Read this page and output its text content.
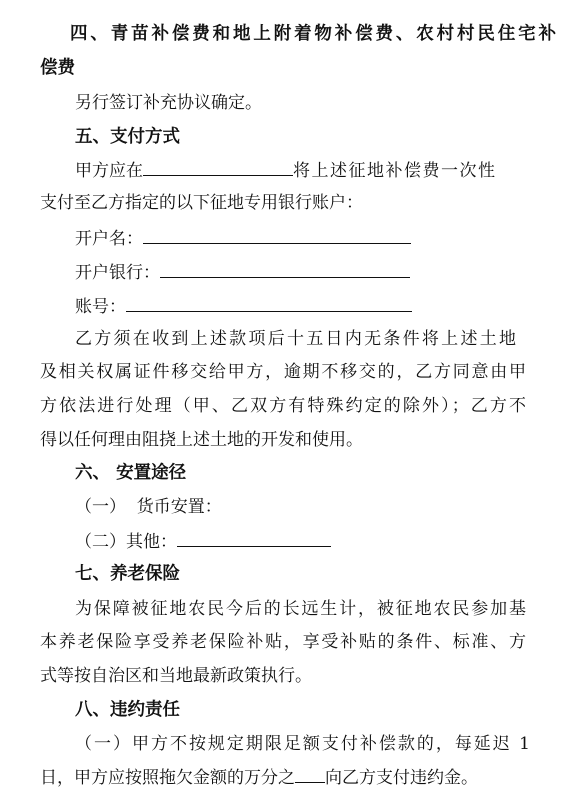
四、青苗补偿费和地上附着物补偿费、农村村民住宅补
偿费
另行签订补充协议确定。
五、支付方式
甲方应在	将上述征地补偿费一次性
支付至乙方指定的以下征地专用银行账户：
开户名：
开户银行：
账号：
乙方须在收到上述款项后十五日内无条件将上述土地
及相关权属证件移交给甲方，逾期不移交的，乙方同意由甲
方依法进行处理（甲、乙双方有特殊约定的除外）；乙方不
得以任何理由阻挠上述土地的开发和使用。
六、 安置途径
（一）  货币安置：
（二）其他：
七、养老保险
为保障被征地农民今后的长远生计，被征地农民参加基
本养老保险享受养老保险补贴，享受补贴的条件、标准、方
式等按自治区和当地最新政策执行。
八、违约责任
（一）甲方不按规定期限足额支付补偿款的，每延迟 1
日，甲方应按照拖欠金额的万分之 向乙方支付违约金。
